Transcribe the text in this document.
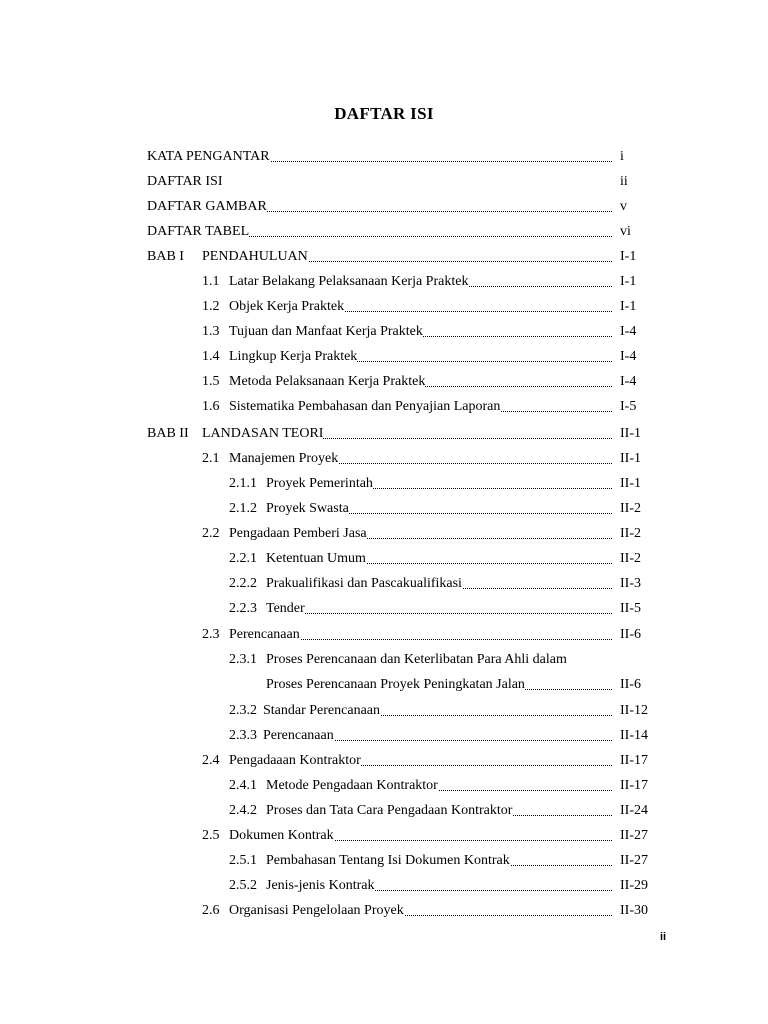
DAFTAR ISI
KATA PENGANTAR	i
DAFTAR ISI	ii
DAFTAR GAMBAR	v
DAFTAR TABEL	vi
BAB I PENDAHULUAN	I-1
1.1 Latar Belakang Pelaksanaan Kerja Praktek	I-1
1.2 Objek Kerja Praktek	I-1
1.3 Tujuan dan Manfaat Kerja Praktek	I-4
1.4 Lingkup Kerja Praktek	I-4
1.5 Metoda Pelaksanaan Kerja Praktek	I-4
1.6 Sistematika Pembahasan dan Penyajian Laporan	I-5
BAB II LANDASAN TEORI	II-1
2.1 Manajemen Proyek	II-1
2.1.1 Proyek Pemerintah	II-1
2.1.2 Proyek Swasta	II-2
2.2 Pengadaan Pemberi Jasa	II-2
2.2.1 Ketentuan Umum	II-2
2.2.2 Prakualifikasi dan Pascakualifikasi	II-3
2.2.3 Tender	II-5
2.3 Perencanaan	II-6
2.3.1 Proses Perencanaan dan Keterlibatan Para Ahli dalam
Proses Perencanaan Proyek Peningkatan Jalan	II-6
2.3.2 Standar Perencanaan	II-12
2.3.3 Perencanaan	II-14
2.4 Pengadaaan Kontraktor	II-17
2.4.1 Metode Pengadaan Kontraktor	II-17
2.4.2 Proses dan Tata Cara Pengadaan Kontraktor	II-24
2.5 Dokumen Kontrak	II-27
2.5.1 Pembahasan Tentang Isi Dokumen Kontrak	II-27
2.5.2 Jenis-jenis Kontrak	II-29
2.6 Organisasi Pengelolaan Proyek	II-30
ii
